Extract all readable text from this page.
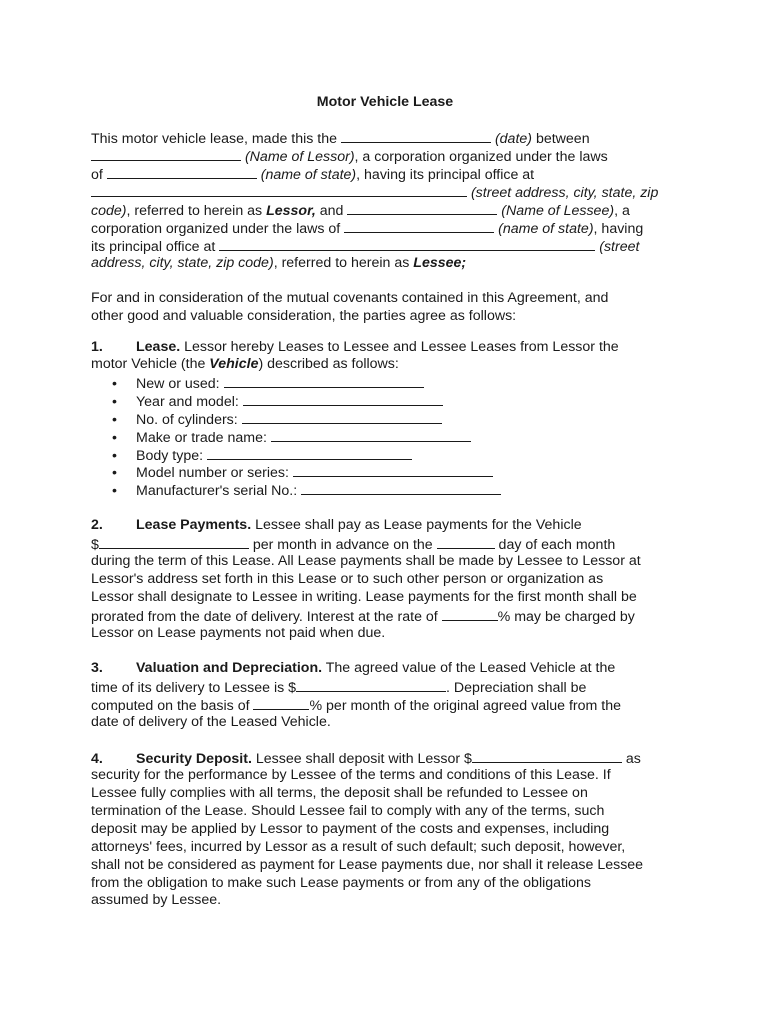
Motor Vehicle Lease
This motor vehicle lease, made this the	(date) between
(Name of Lessor), a corporation organized under the laws
of	(name of state), having its principal office at
(street address, city, state, zip
code), referred to herein as Lessor, and	(Name of Lessee), a
corporation organized under the laws of	(name of state), having
its principal office at	(street
address, city, state, zip code), referred to herein as Lessee;
For and in consideration of the mutual covenants contained in this Agreement, and
other good and valuable consideration, the parties agree as follows:
1. Lease. Lessor hereby Leases to Lessee and Lessee Leases from Lessor the
motor Vehicle (the Vehicle) described as follows:
• New or used:
• Year and model:
• No. of cylinders:
• Make or trade name:
• Body type:
• Model number or series:
• Manufacturer's serial No.:
2. Lease Payments. Lessee shall pay as Lease payments for the Vehicle
$	per month in advance on the	day of each month
during the term of this Lease. All Lease payments shall be made by Lessee to Lessor at
Lessor's address set forth in this Lease or to such other person or organization as
Lessor shall designate to Lessee in writing. Lease payments for the first month shall be
prorated from the date of delivery. Interest at the rate of	% may be charged by
Lessor on Lease payments not paid when due.
3. Valuation and Depreciation. The agreed value of the Leased Vehicle at the
time of its delivery to Lessee is $	. Depreciation shall be
computed on the basis of	% per month of the original agreed value from the
date of delivery of the Leased Vehicle.
4. Security Deposit. Lessee shall deposit with Lessor $	as
security for the performance by Lessee of the terms and conditions of this Lease. If
Lessee fully complies with all terms, the deposit shall be refunded to Lessee on
termination of the Lease. Should Lessee fail to comply with any of the terms, such
deposit may be applied by Lessor to payment of the costs and expenses, including
attorneys' fees, incurred by Lessor as a result of such default; such deposit, however,
shall not be considered as payment for Lease payments due, nor shall it release Lessee
from the obligation to make such Lease payments or from any of the obligations
assumed by Lessee.
